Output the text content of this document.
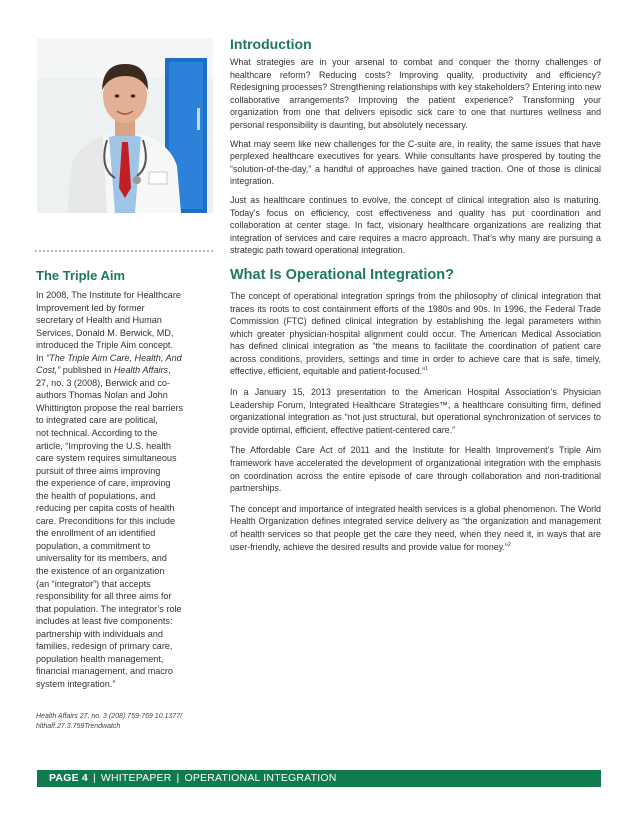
The Triple Aim
In 2008, The Institute for Healthcare
Improvement led by former
secretary of Health and Human
Services, Donald M. Berwick, MD,
introduced the Triple Aim concept.
In “The Triple Aim Care, Health, And
Cost,” published in Health Affairs,
27, no. 3 (2008), Berwick and co-
authors Thomas Nolan and John
Whittington propose the real barriers
to integrated care are political,
not technical. According to the
article, “Improving the U.S. health
care system requires simultaneous
pursuit of three aims improving
the experience of care, improving
the health of populations, and
reducing per capita costs of health
care. Preconditions for this include
the enrollment of an identified
population, a commitment to
universality for its members, and
the existence of an organization
(an “integrator”) that accepts
responsibility for all three aims for
that population. The integrator’s role
includes at least five components:
partnership with individuals and
families, redesign of primary care,
population health management,
financial management, and macro
system integration.”
Health Affairs 27, no. 3 (208) 759-769 10.1377/
hlthaff.27.3.759Trendwatch
Introduction

What strategies are in your arsenal to combat and conquer the thorny challenges of healthcare reform? Reducing costs? Improving quality, productivity and efficiency? Redesigning processes? Strengthening relationships with key stakeholders? Entering into new collaborative arrangements? Improving the patient experience? Transforming your organization from one that delivers episodic sick care to one that nurtures wellness and personal responsibility is daunting, but absolutely necessary.

What may seem like new challenges for the C-suite are, in reality, the same issues that have perplexed healthcare executives for years. While consultants have prospered by touting the “solution-of-the-day,” a handful of approaches have gained traction. One of those is clinical integration.

Just as healthcare continues to evolve, the concept of clinical integration also is maturing. Today’s focus on efficiency, cost effectiveness and quality has put coordination and collaboration at center stage. In fact, visionary healthcare organizations are realizing that integration of services and care requires a macro approach. That’s why many are pursuing a strategic path toward operational integration.

What Is Operational Integration?

The concept of operational integration springs from the philosophy of clinical integration that traces its roots to cost containment efforts of the 1980s and 90s. In 1996, the Federal Trade Commission (FTC) defined clinical integration by establishing the legal parameters within which greater physician-hospital alignment could occur. The American Medical Association has defined clinical integration as “the means to facilitate the coordination of patient care across conditions, providers, settings and time in order to achieve care that is safe, timely, effective, efficient, equitable and patient-focused.”$^1$

In a January 15, 2013 presentation to the American Hospital Association’s Physician Leadership Forum, Integrated Healthcare Strategies™, a healthcare consulting firm, defined organizational integration as “not just structural, but operational synchronization of services to provide optimal, efficient, effective patient-centered care.”

The Affordable Care Act of 2011 and the Institute for Health Improvement’s Triple Aim framework have accelerated the development of organizational integration with the emphasis on coordination across the entire episode of care through collaboration and non-traditional partnerships.

The concept and importance of integrated health services is a global phenomenon. The World Health Organization defines integrated service delivery as “the organization and management of health services so that people get the care they need, when they need it, in ways that are user-friendly, achieve the desired results and provide value for money.”$^2$

PAGE 4 | WHITEPAPER | OPERATIONAL INTEGRATION
